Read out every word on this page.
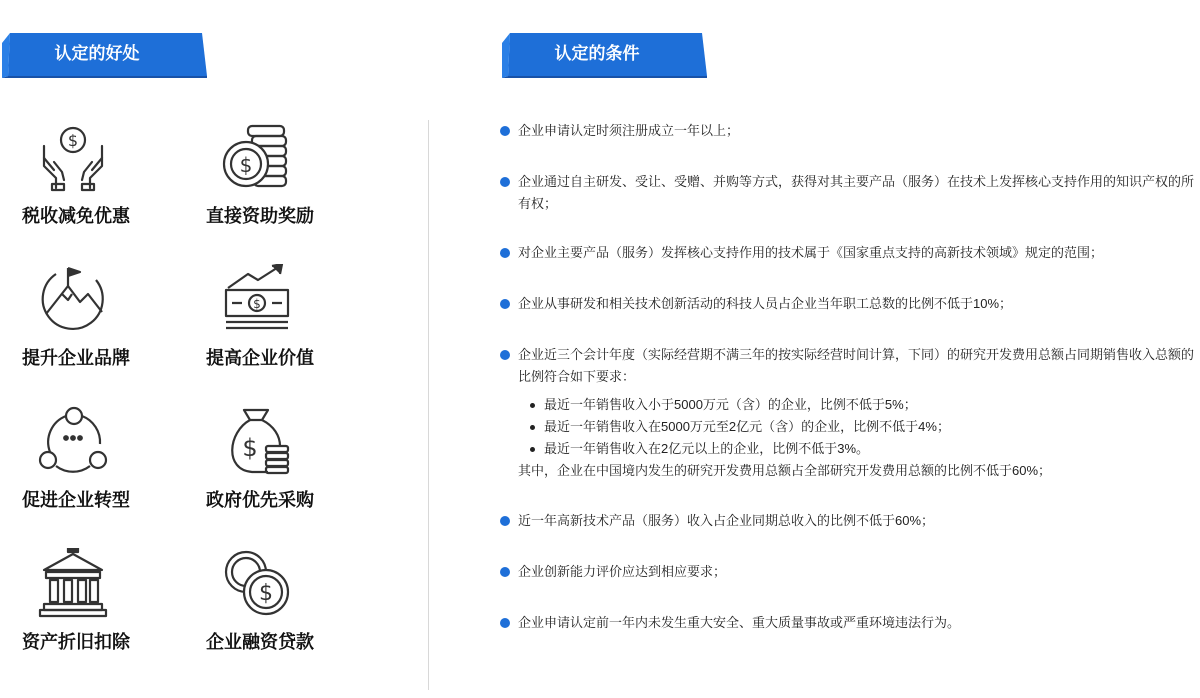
认定的好处	认定的条件
$
税收减免优惠
$
直接资助奖励
提升企业品牌
$
提高企业价值
促进企业转型
$
政府优先采购
资产折旧扣除
$
企业融资贷款
企业申请认定时须注册成立一年以上；
企业通过自主研发、受让、受赠、并购等方式，获得对其主要产品（服务）在技术上发挥核心支持作用的知识产权的所有权；
对企业主要产品（服务）发挥核心支持作用的技术属于《国家重点支持的高新技术领域》规定的范围；
企业从事研发和相关技术创新活动的科技人员占企业当年职工总数的比例不低于10%；
企业近三个会计年度（实际经营期不满三年的按实际经营时间计算，下同）的研究开发费用总额占同期销售收入总额的比例符合如下要求：
最近一年销售收入小于5000万元（含）的企业，比例不低于5%；
最近一年销售收入在5000万元至2亿元（含）的企业，比例不低于4%；
最近一年销售收入在2亿元以上的企业，比例不低于3%。
其中，企业在中国境内发生的研究开发费用总额占全部研究开发费用总额的比例不低于60%；
近一年高新技术产品（服务）收入占企业同期总收入的比例不低于60%；
企业创新能力评价应达到相应要求；
企业申请认定前一年内未发生重大安全、重大质量事故或严重环境违法行为。
